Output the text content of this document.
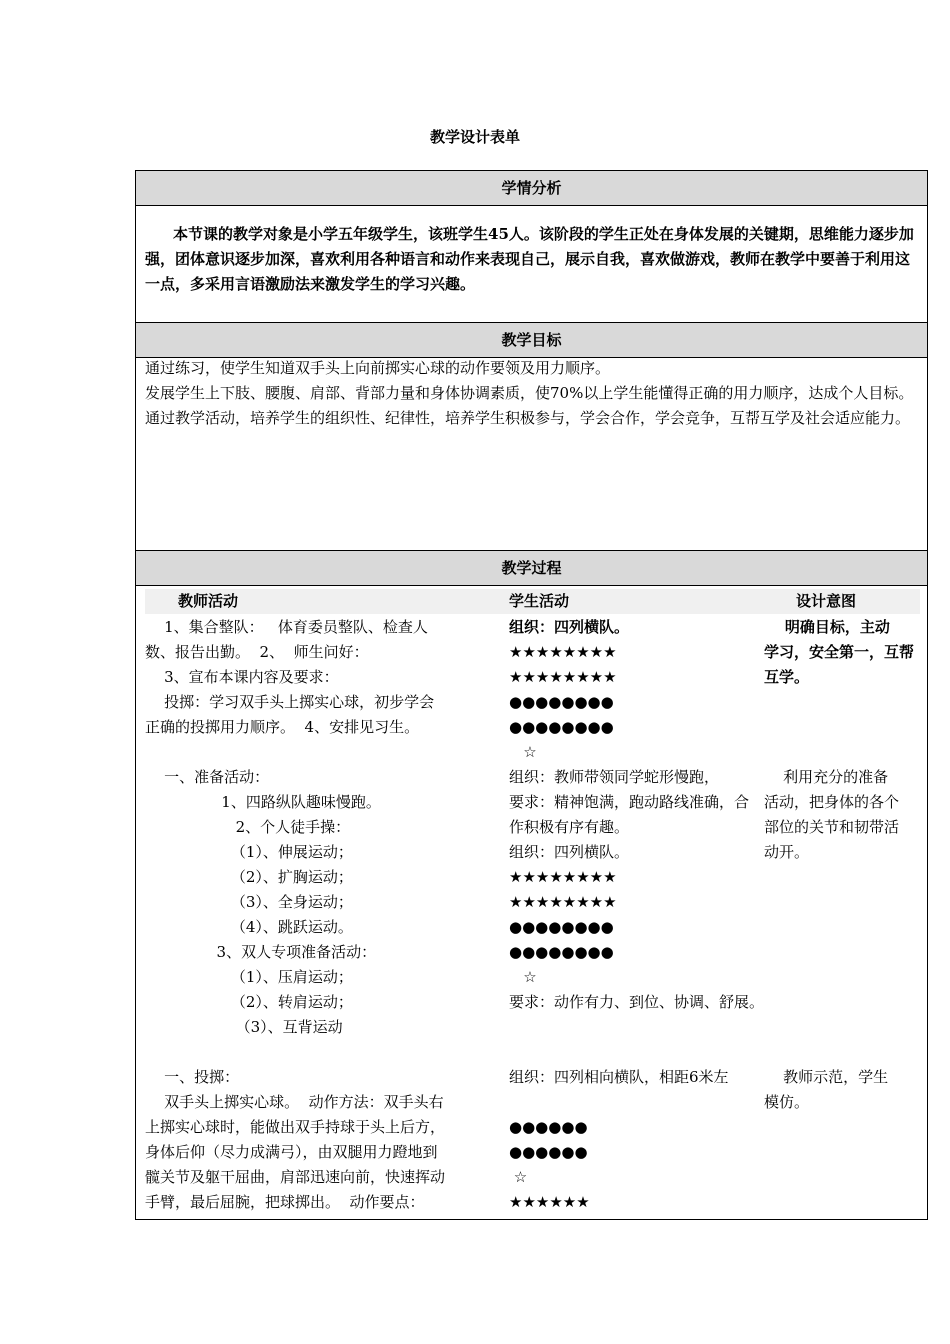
教学设计表单
学情分析
本节课的教学对象是小学五年级学生，该班学生45人。该阶段的学生正处在身体发展的关键期，思维能力逐步加强，团体意识逐步加深，喜欢利用各种语言和动作来表现自己，展示自我，喜欢做游戏，教师在教学中要善于利用这一点，多采用言语激励法来激发学生的学习兴趣。
教学目标
通过练习，使学生知道双手头上向前掷实心球的动作要领及用力顺序。
发展学生上下肢、腰腹、肩部、背部力量和身体协调素质，使70%以上学生能懂得正确的用力顺序，达成个人目标。
通过教学活动，培养学生的组织性、纪律性，培养学生积极参与，学会合作，学会竞争，互帮互学及社会适应能力。
教学过程
教师活动	学生活动	设计意图
1、集合整队：   体育委员整队、检查人
数、报告出勤。  2、  师生问好：
3、宣布本课内容及要求：
投掷：学习双手头上掷实心球，初步学会
正确的投掷用力顺序。  4、安排见习生。
一、准备活动：
1、四路纵队趣味慢跑。
2、个人徒手操：
（1）、伸展运动；
（2）、扩胸运动；
（3）、全身运动；
（4）、跳跃运动。
3、双人专项准备活动：
（1）、压肩运动；
（2）、转肩运动；
（3）、互背运动
一、投掷：
双手头上掷实心球。  动作方法：双手头右
上掷实心球时，能做出双手持球于头上后方，
身体后仰（尽力成满弓），由双腿用力蹬地到
髋关节及躯干屈曲，肩部迅速向前，快速挥动
手臂，最后屈腕，把球掷出。  动作要点：
组织：四列横队。
★★★★★★★★
★★★★★★★★
●●●●●●●●
●●●●●●●●
☆
组织：教师带领同学蛇形慢跑，
要求：精神饱满，跑动路线准确，合
作积极有序有趣。
组织：四列横队。
★★★★★★★★
★★★★★★★★
●●●●●●●●
●●●●●●●●
☆
要求：动作有力、到位、协调、舒展。
组织：四列相向横队，相距6米左
●●●●●●
●●●●●●
☆
★★★★★★
明确目标，主动
学习，安全第一，互帮
互学。
利用充分的准备
活动，把身体的各个
部位的关节和韧带活
动开。
教师示范，学生
模仿。
